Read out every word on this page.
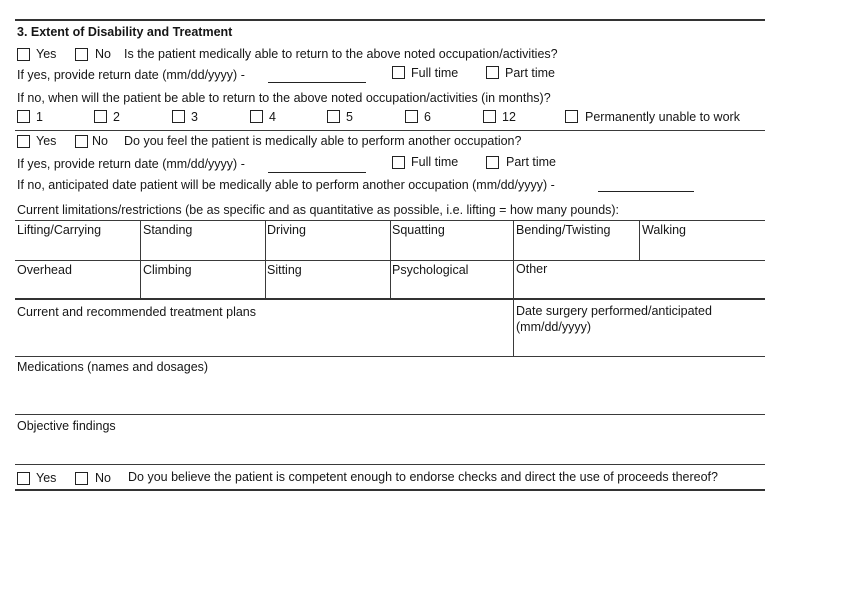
3. Extent of Disability and Treatment
Yes	No Is the patient medically able to return to the above noted occupation/activities?
If yes, provide return date (mm/dd/yyyy) -	Full time	Part time
If no, when will the patient be able to return to the above noted occupation/activities (in months)?
1	2	3	4	5	6	12	Permanently unable to work
Yes	No Do you feel the patient is medically able to perform another occupation?
If yes, provide return date (mm/dd/yyyy) -	Full time	Part time
If no, anticipated date patient will be medically able to perform another occupation (mm/dd/yyyy) -
Current limitations/restrictions (be as specific and as quantitative as possible, i.e. lifting = how many pounds):
Lifting/Carrying	Standing	Driving	Squatting	Bending/Twisting	Walking
Overhead	Climbing	Sitting	Psychological	Other
Current and recommended treatment plans	Date surgery performed/anticipated
(mm/dd/yyyy)
Medications (names and dosages)
Objective findings
Yes	No Do you believe the patient is competent enough to endorse checks and direct the use of proceeds thereof?
